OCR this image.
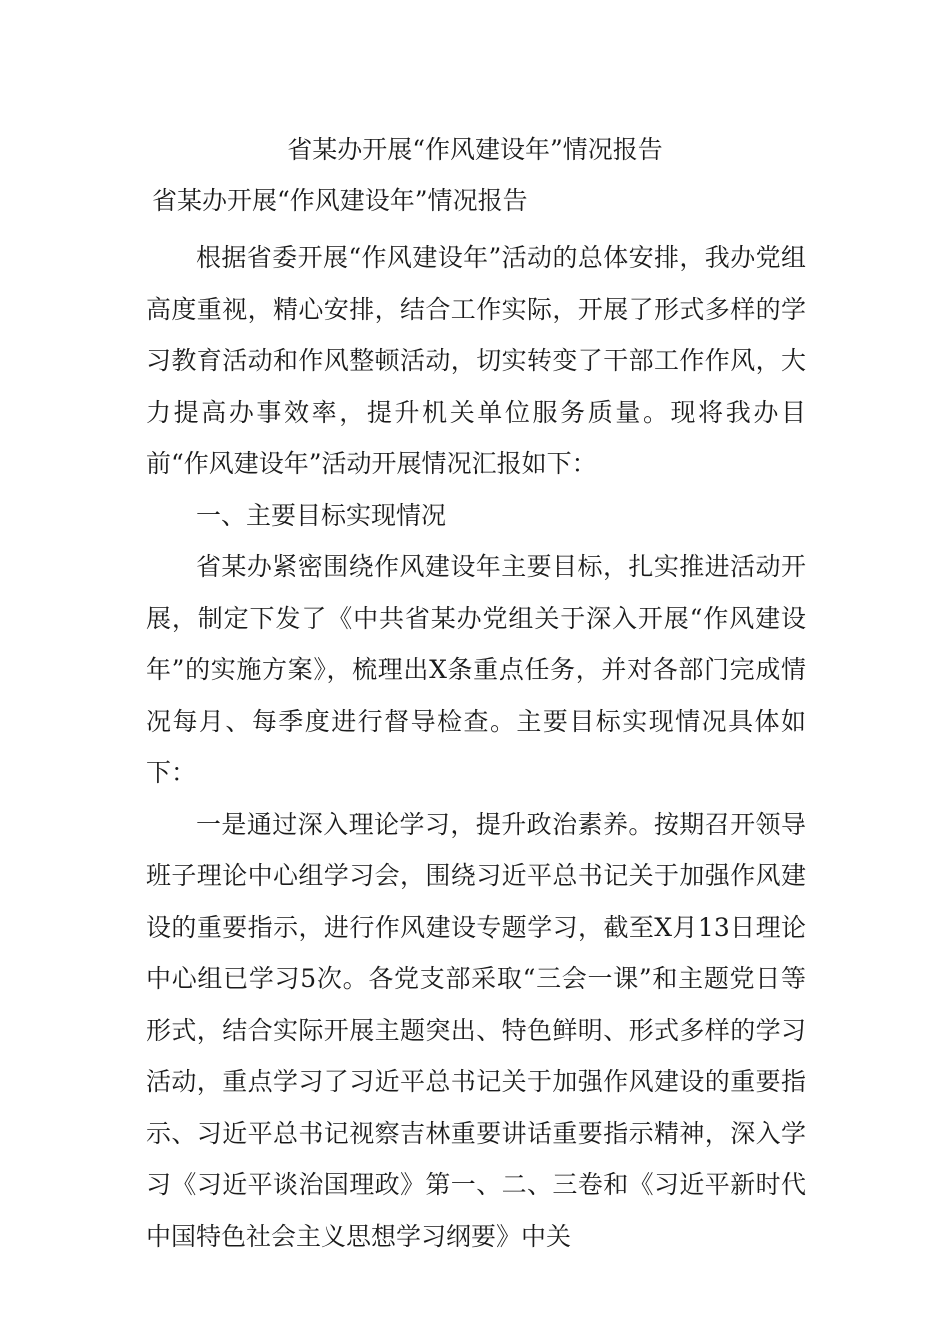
省某办开展“作风建设年”情况报告
省某办开展“作风建设年”情况报告

根据省委开展“作风建设年”活动的总体安排，我办党组高度重视，精心安排，结合工作实际，开展了形式多样的学习教育活动和作风整顿活动，切实转变了干部工作作风，大力提高办事效率，提升机关单位服务质量。现将我办目前“作风建设年”活动开展情况汇报如下：

一、主要目标实现情况

省某办紧密围绕作风建设年主要目标，扎实推进活动开展，制定下发了《中共省某办党组关于深入开展“作风建设年”的实施方案》，梳理出X条重点任务，并对各部门完成情况每月、每季度进行督导检查。主要目标实现情况具体如下：

一是通过深入理论学习，提升政治素养。按期召开领导班子理论中心组学习会，围绕习近平总书记关于加强作风建设的重要指示，进行作风建设专题学习，截至X月13日理论中心组已学习5次。各党支部采取“三会一课”和主题党日等形式，结合实际开展主题突出、特色鲜明、形式多样的学习活动，重点学习了习近平总书记关于加强作风建设的重要指示、习近平总书记视察吉林重要讲话重要指示精神，深入学习《习近平谈治国理政》第一、二、三卷和《习近平新时代中国特色社会主义思想学习纲要》中关
